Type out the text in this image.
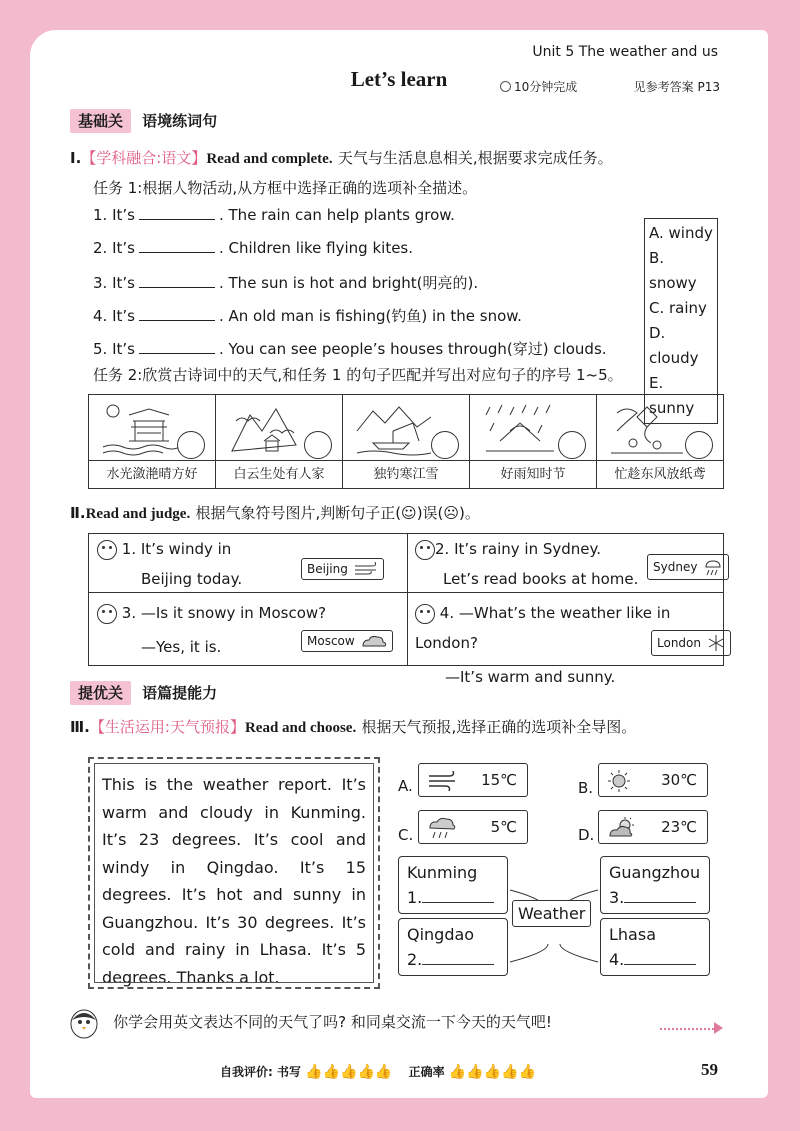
Unit 5 The weather and us
Let’s learn	10分钟完成	见参考答案 P13
基础关 语境练词句
Ⅰ.【学科融合:语文】Read and complete. 天气与生活息息相关,根据要求完成任务。
任务 1:根据人物活动,从方框中选择正确的选项补全描述。
1. It’s	. The rain can help plants grow.
2. It’s	. Children like flying kites.
3. It’s	. The sun is hot and bright(明亮的).
4. It’s	. An old man is fishing(钓鱼) in the snow.
5. It’s	. You can see people’s houses through(穿过) clouds.
A. windy
B. snowy
C. rainy
D. cloudy
E. sunny
任务 2:欣赏古诗词中的天气,和任务 1 的句子匹配并写出对应句子的序号 1~5。
水光潋滟晴方好	白云生处有人家	独钓寒江雪	好雨知时节	忙趁东风放纸鸢
Ⅱ.Read and judge. 根据气象符号图片,判断句子正(☺)误(☹)。
1. It’s windy in
Beijing today.
Beijing
2. It’s rainy in Sydney.
Let’s read books at home.
Sydney
3. —Is it snowy in Moscow?
—Yes, it is.	Moscow
4. —What’s the weather like in London?
—It’s warm and sunny.
London
提优关 语篇提能力
Ⅲ.【生活运用:天气预报】Read and choose. 根据天气预报,选择正确的选项补全导图。
This is the weather report. It’s warm and cloudy in Kunming. It’s 23 degrees. It’s cool and windy in Qingdao. It’s 15 degrees. It’s hot and sunny in Guangzhou. It’s 30 degrees. It’s cold and rainy in Lhasa. It’s 5 degrees. Thanks a lot.
A.	15℃	B.	30℃
C.	5℃	D.	23℃
Kunming
1.
Guangzhou
3.
Qingdao
2.
Lhasa
4.
Weather
你学会用英文表达不同的天气了吗? 和同桌交流一下今天的天气吧!
自我评价: 书写 👍👍👍👍👍 正确率 👍👍👍👍👍	59
